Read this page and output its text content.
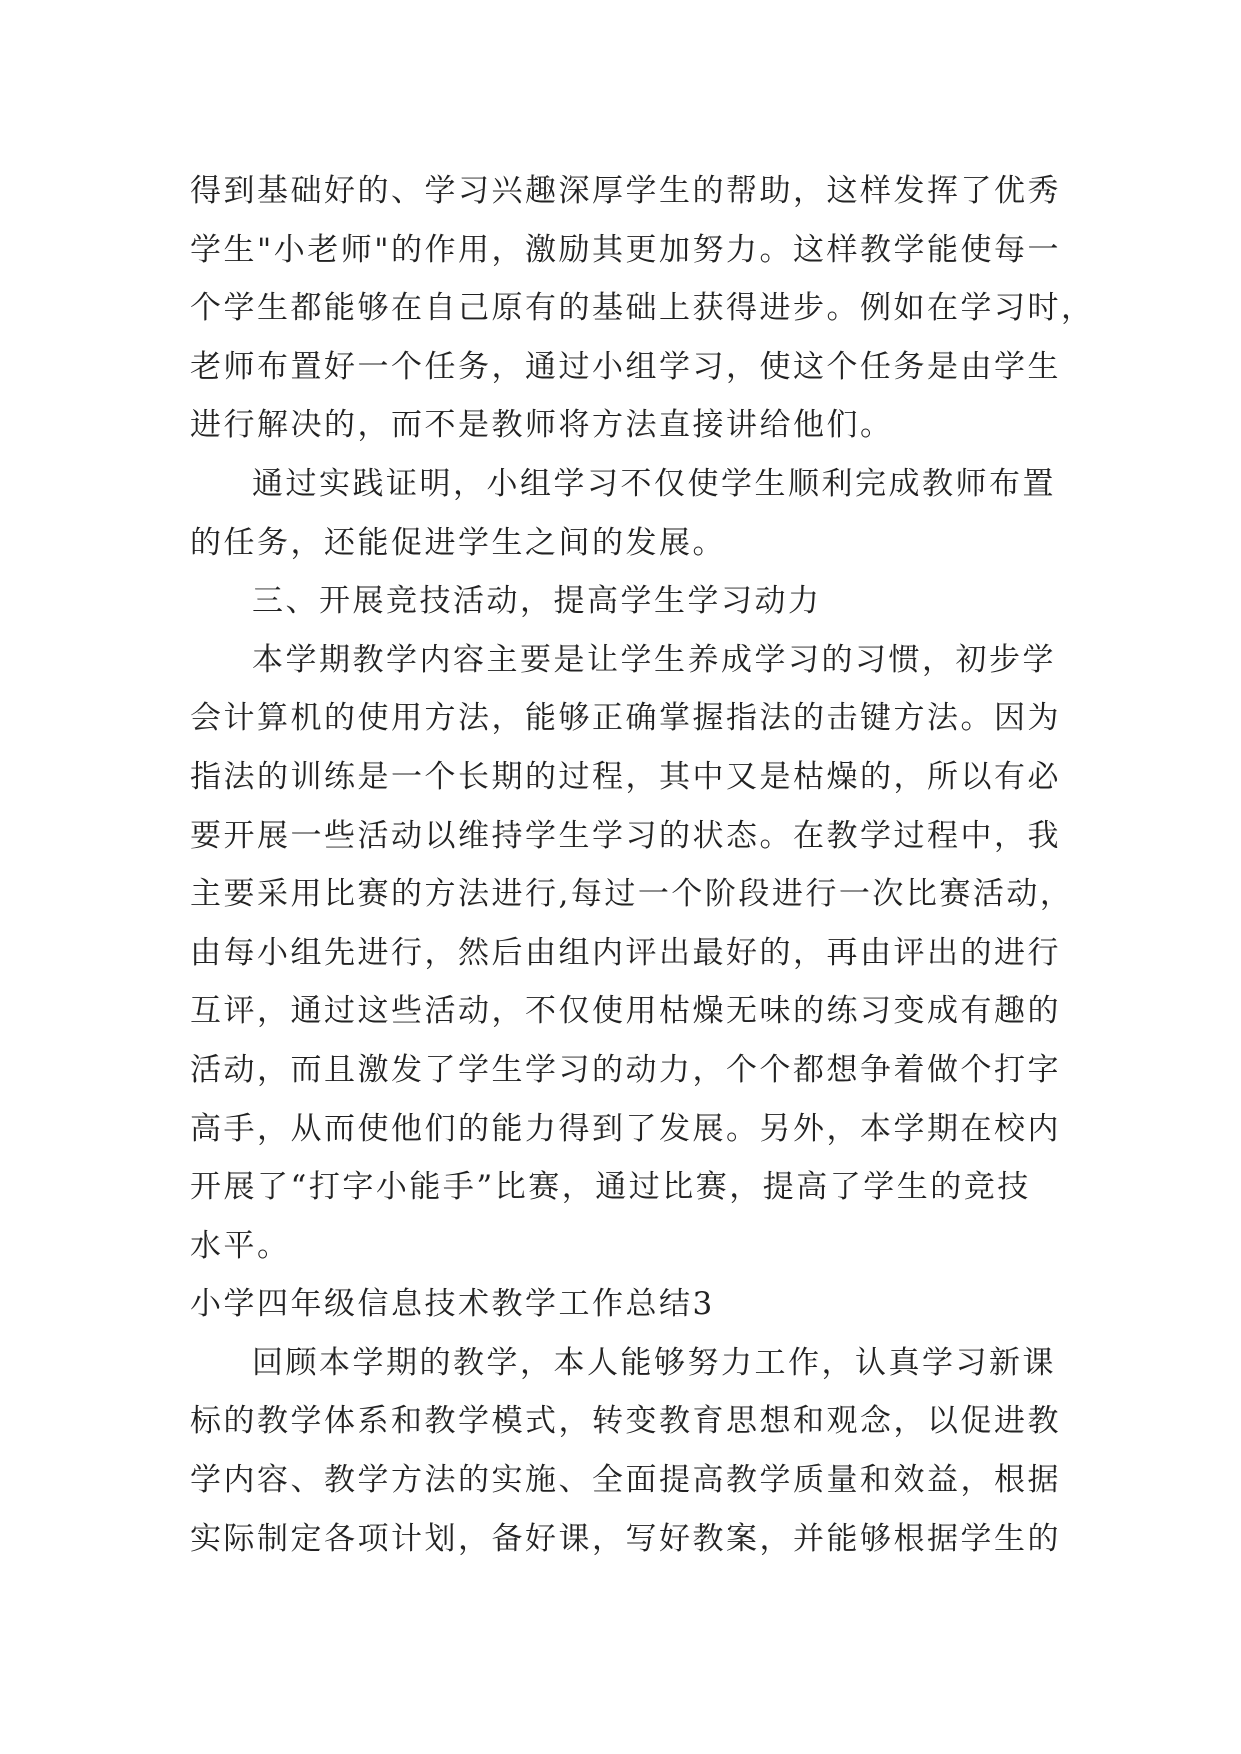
得到基础好的、学习兴趣深厚学生的帮助，这样发挥了优秀
学生"小老师"的作用，激励其更加努力。这样教学能使每一
个学生都能够在自己原有的基础上获得进步。例如在学习时，
老师布置好一个任务，通过小组学习，使这个任务是由学生
进行解决的，而不是教师将方法直接讲给他们。
通过实践证明，小组学习不仅使学生顺利完成教师布置
的任务，还能促进学生之间的发展。
三、开展竞技活动，提高学生学习动力
本学期教学内容主要是让学生养成学习的习惯，初步学
会计算机的使用方法，能够正确掌握指法的击键方法。因为
指法的训练是一个长期的过程，其中又是枯燥的，所以有必
要开展一些活动以维持学生学习的状态。在教学过程中，我
主要采用比赛的方法进行,每过一个阶段进行一次比赛活动，
由每小组先进行，然后由组内评出最好的，再由评出的进行
互评，通过这些活动，不仅使用枯燥无味的练习变成有趣的
活动，而且激发了学生学习的动力，个个都想争着做个打字
高手，从而使他们的能力得到了发展。另外，本学期在校内
开展了“打字小能手”比赛，通过比赛，提高了学生的竞技
水平。
小学四年级信息技术教学工作总结3
回顾本学期的教学，本人能够努力工作，认真学习新课
标的教学体系和教学模式，转变教育思想和观念，以促进教
学内容、教学方法的实施、全面提高教学质量和效益，根据
实际制定各项计划，备好课，写好教案，并能够根据学生的
